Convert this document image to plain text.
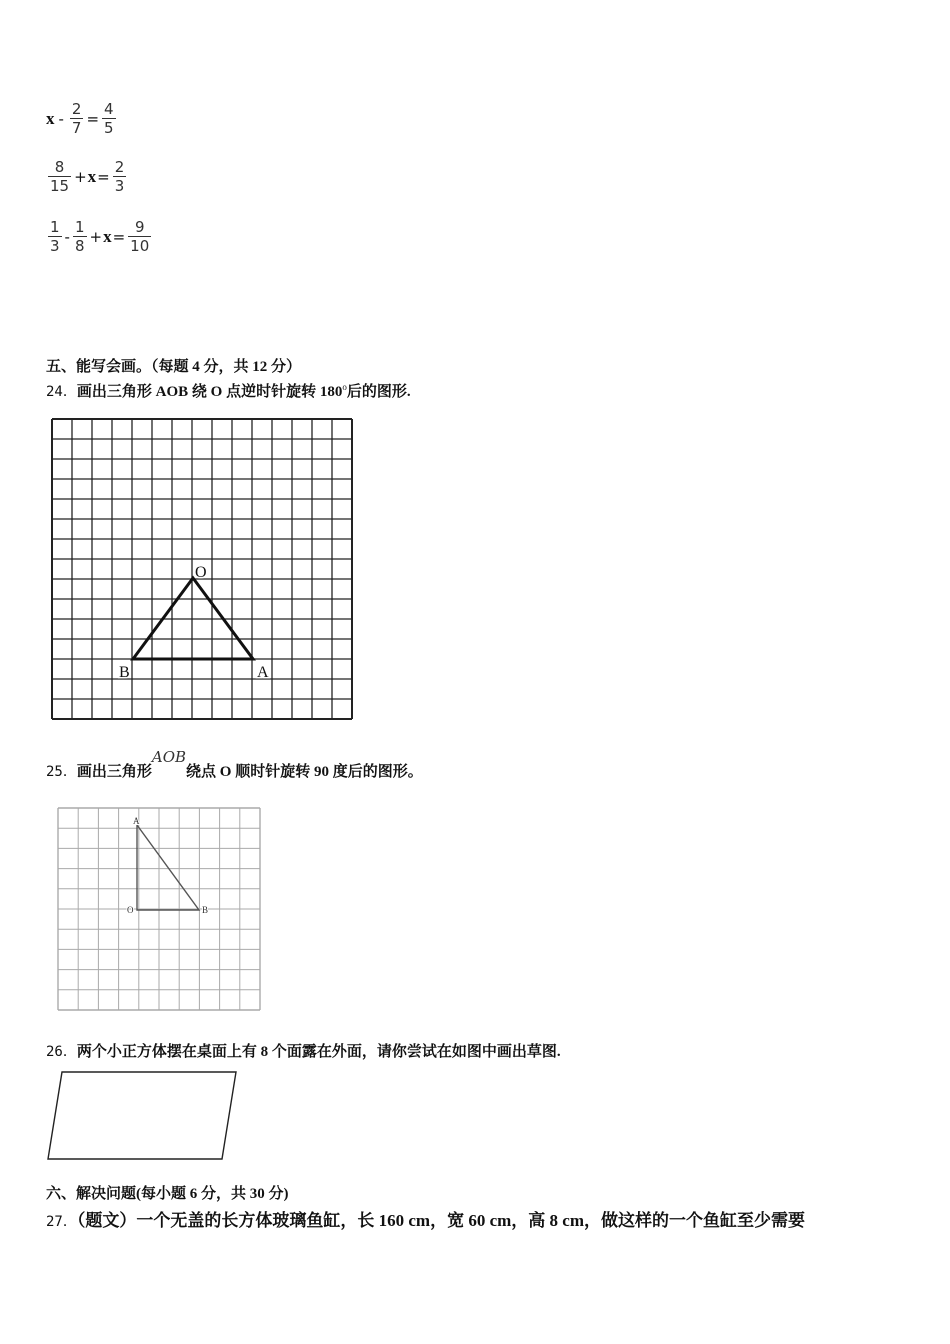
$x - \frac{2}{7} = \frac{4}{5}$
$\frac{8}{15} + x = \frac{2}{3}$
$\frac{1}{3} - \frac{1}{8} + x = \frac{9}{10}$
五、能写会画。（每题 4 分，共 12 分）
24．画出三角形 AOB 绕 O 点逆时针旋转 180$^o$后的图形.
O
B	A
25．画出三角形AOB绕点 O 顺时针旋转 90 度后的图形。
A
O	B
26．两个小正方体摆在桌面上有 8 个面露在外面，请你尝试在如图中画出草图.
六、解决问题(每小题 6 分，共 30 分)
27．（题文）一个无盖的长方体玻璃鱼缸，长 160 cm，宽 60 cm，高 8 cm，做这样的一个鱼缸至少需要
